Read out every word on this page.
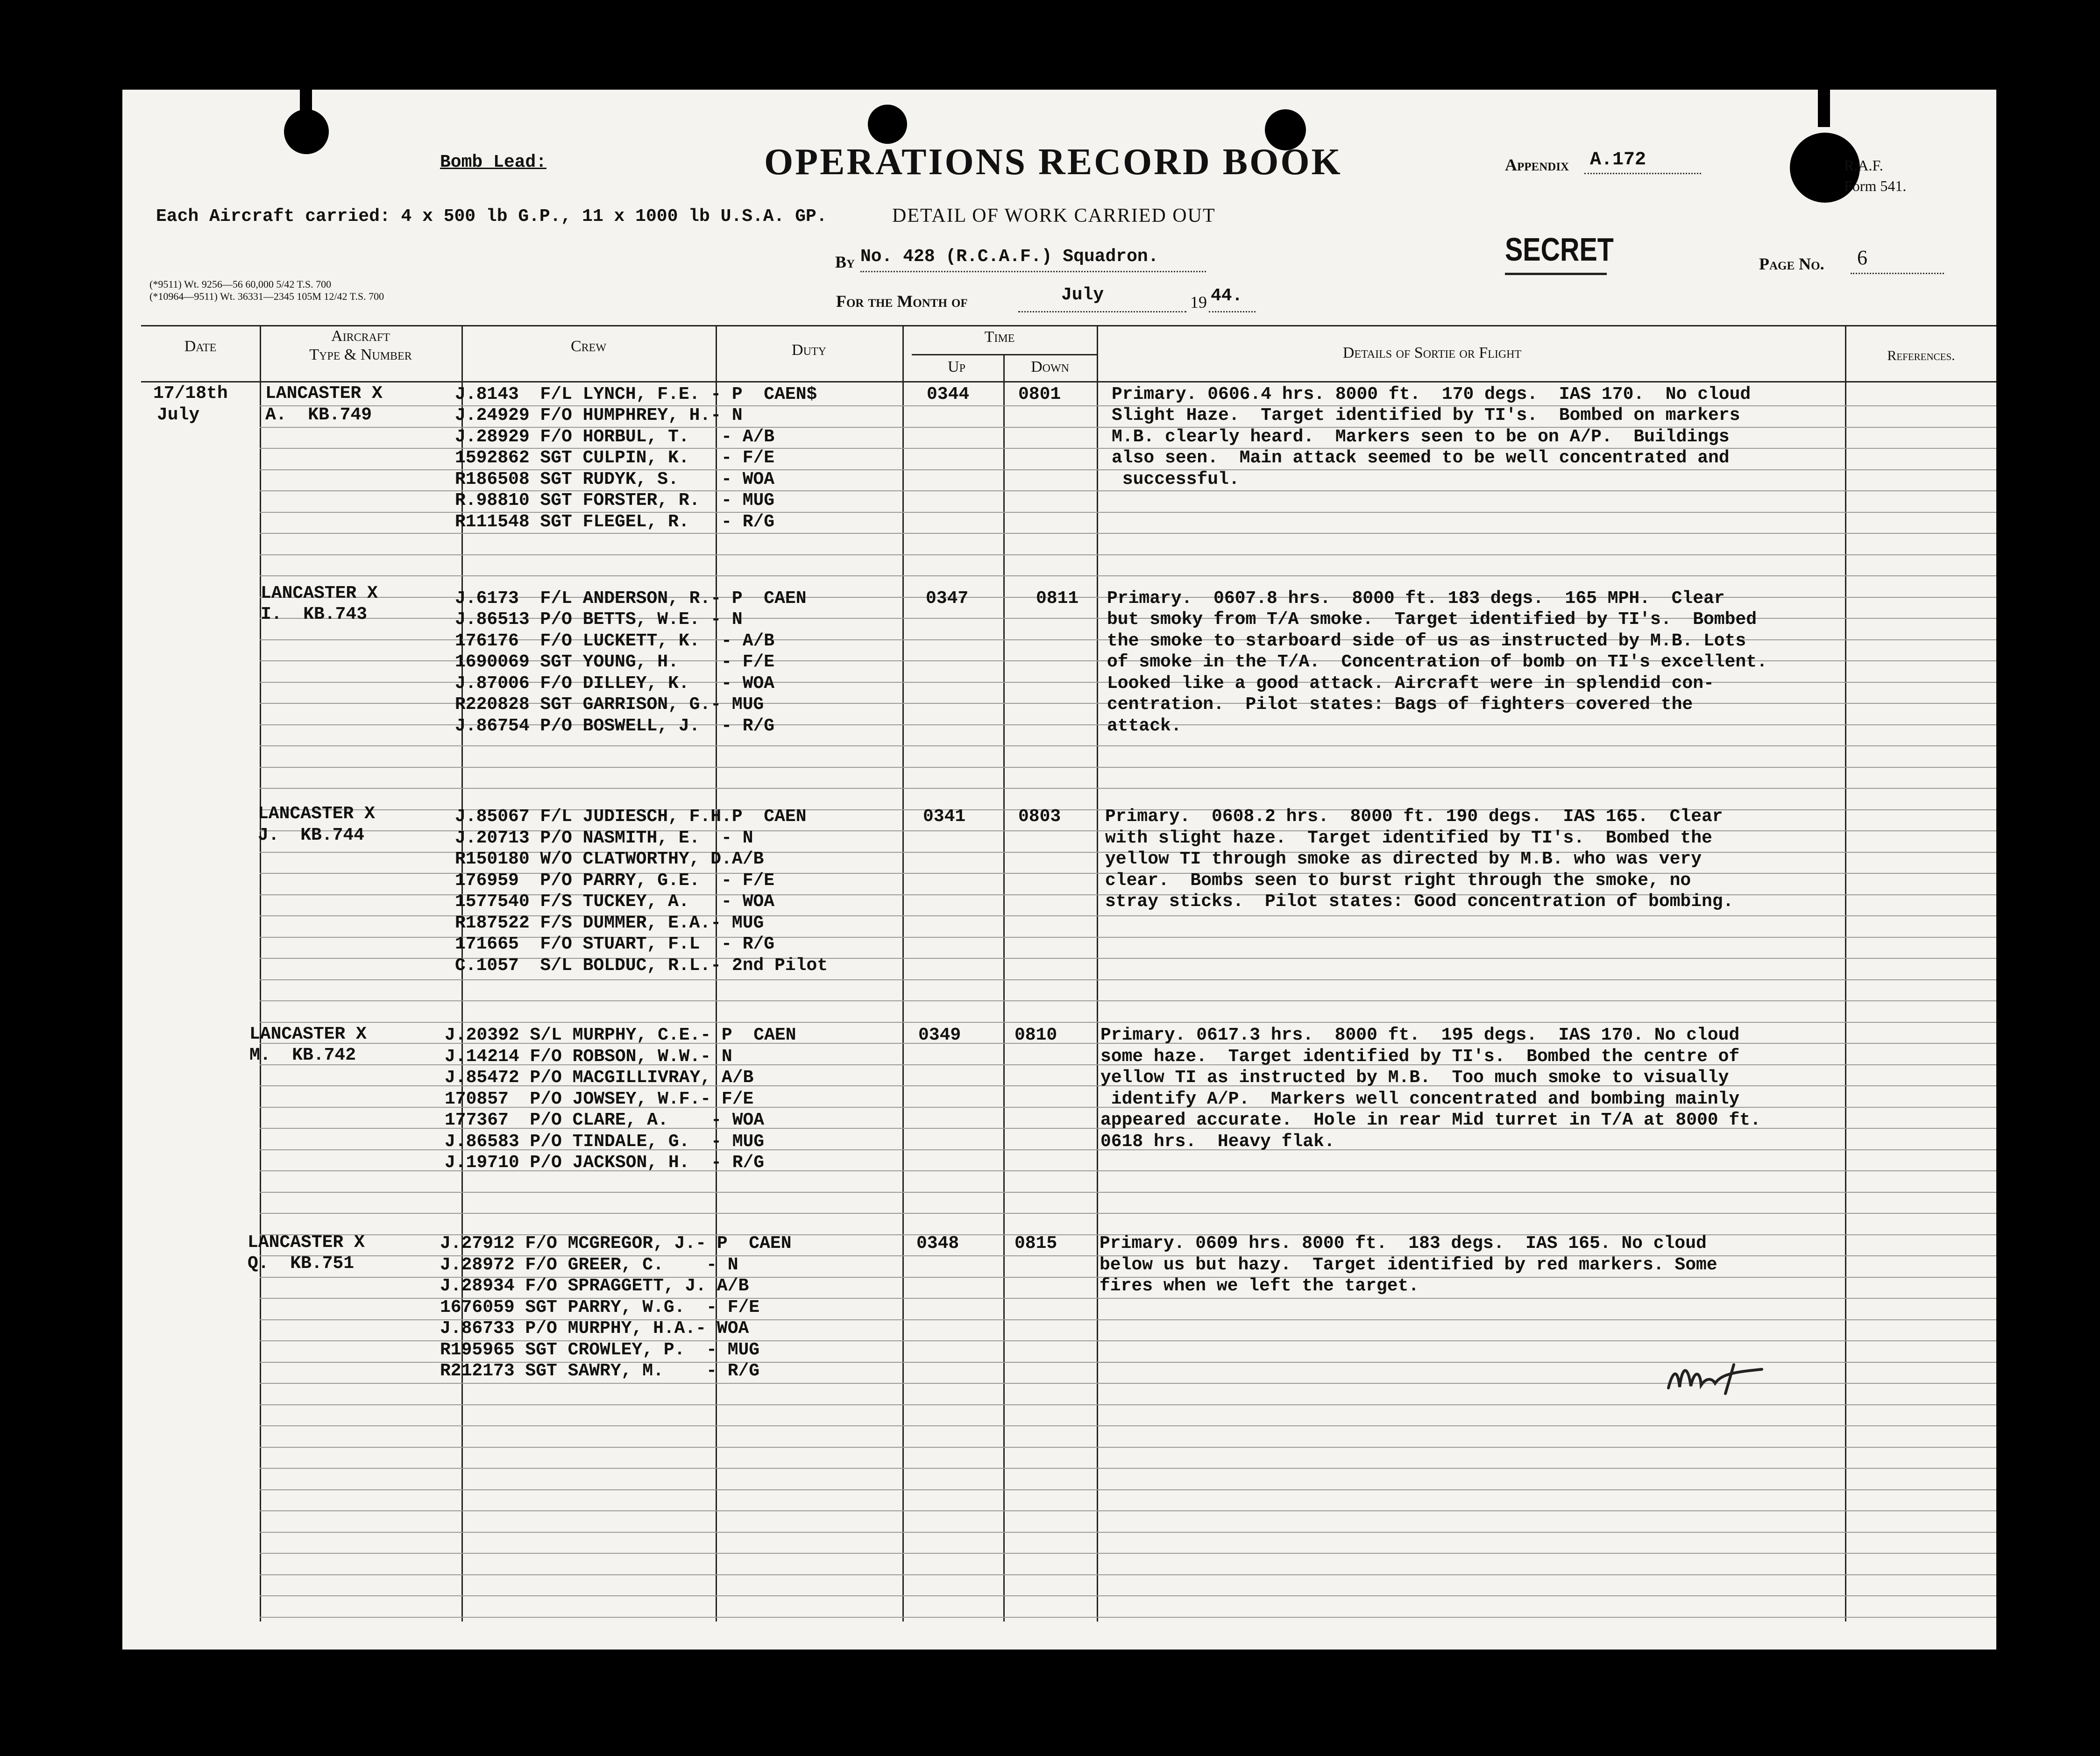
Bomb Lead:
Each Aircraft carried: 4 x 500 lb G.P., 11 x 1000 lb U.S.A. GP.
OPERATIONS RECORD BOOK
DETAIL OF WORK CARRIED OUT
Appendix A.172	R.A.F.
Form 541.
By No. 428 (R.C.A.F.) Squadron.	SECRET	Page No. 6
For the Month of	July	19 44.
(*9511) Wt. 9256—56 60,000 5/42 T.S. 700
(*10964—9511) Wt. 36331—2345 105M 12/42 T.S. 700
Date
Aircraft
Type & Number	Crew	Duty
Time
Up	Down
Details of Sortie or Flight	References.
17/18th
July
LANCASTER X
A.  KB.749
J.8143  F/L LYNCH, F.E. - P  CAEN$
J.24929 F/O HUMPHREY, H.- N
J.28929 F/O HORBUL, T.   - A/B
1592862 SGT CULPIN, K.   - F/E
R186508 SGT RUDYK, S.    - WOA
R.98810 SGT FORSTER, R.  - MUG
R111548 SGT FLEGEL, R.   - R/G
0344	0801	Primary. 0606.4 hrs. 8000 ft.  170 degs.  IAS 170.  No cloud
Slight Haze.  Target identified by TI's.  Bombed on markers
M.B. clearly heard.  Markers seen to be on A/P.  Buildings
also seen.  Main attack seemed to be well concentrated and
successful.
LANCASTER X
I.  KB.743
J.6173  F/L ANDERSON, R.- P  CAEN
J.86513 P/O BETTS, W.E. - N
176176  F/O LUCKETT, K.  - A/B
1690069 SGT YOUNG, H.    - F/E
J.87006 F/O DILLEY, K.   - WOA
R220828 SGT GARRISON, G.- MUG
J.86754 P/O BOSWELL, J.  - R/G
0347	0811 Primary.  0607.8 hrs.  8000 ft. 183 degs.  165 MPH.  Clear
but smoky from T/A smoke.  Target identified by TI's.  Bombed
the smoke to starboard side of us as instructed by M.B. Lots
of smoke in the T/A.  Concentration of bomb on TI's excellent.
Looked like a good attack. Aircraft were in splendid con-
centration.  Pilot states: Bags of fighters covered the
attack.
LANCASTER X
J.  KB.744
J.85067 F/L JUDIESCH, F.H.P  CAEN
J.20713 P/O NASMITH, E.  - N
R150180 W/O CLATWORTHY, D.A/B
176959  P/O PARRY, G.E.  - F/E
1577540 F/S TUCKEY, A.   - WOA
R187522 F/S DUMMER, E.A.- MUG
171665  F/O STUART, F.L  - R/G
C.1057  S/L BOLDUC, R.L.- 2nd Pilot
0341	0803 Primary.  0608.2 hrs.  8000 ft. 190 degs.  IAS 165.  Clear
with slight haze.  Target identified by TI's.  Bombed the
yellow TI through smoke as directed by M.B. who was very
clear.  Bombs seen to burst right through the smoke, no
stray sticks.  Pilot states: Good concentration of bombing.
LANCASTER X
M.  KB.742
J.20392 S/L MURPHY, C.E.- P  CAEN
J.14214 F/O ROBSON, W.W.- N
J.85472 P/O MACGILLIVRAY, A/B
170857  P/O JOWSEY, W.F.- F/E
177367  P/O CLARE, A.    - WOA
J.86583 P/O TINDALE, G.  - MUG
J.19710 P/O JACKSON, H.  - R/G
0349	0810 Primary. 0617.3 hrs.  8000 ft.  195 degs.  IAS 170. No cloud
some haze.  Target identified by TI's.  Bombed the centre of
yellow TI as instructed by M.B.  Too much smoke to visually
identify A/P.  Markers well concentrated and bombing mainly
appeared accurate.  Hole in rear Mid turret in T/A at 8000 ft.
0618 hrs.  Heavy flak.
LANCASTER X
Q.  KB.751
J.27912 F/O MCGREGOR, J.- P  CAEN
J.28972 F/O GREER, C.    - N
J.28934 F/O SPRAGGETT, J. A/B
1676059 SGT PARRY, W.G.  - F/E
J.86733 P/O MURPHY, H.A.- WOA
R195965 SGT CROWLEY, P.  - MUG
R212173 SGT SAWRY, M.    - R/G
0348	0815 Primary. 0609 hrs. 8000 ft.  183 degs.  IAS 165. No cloud
below us but hazy.  Target identified by red markers. Some
fires when we left the target.
